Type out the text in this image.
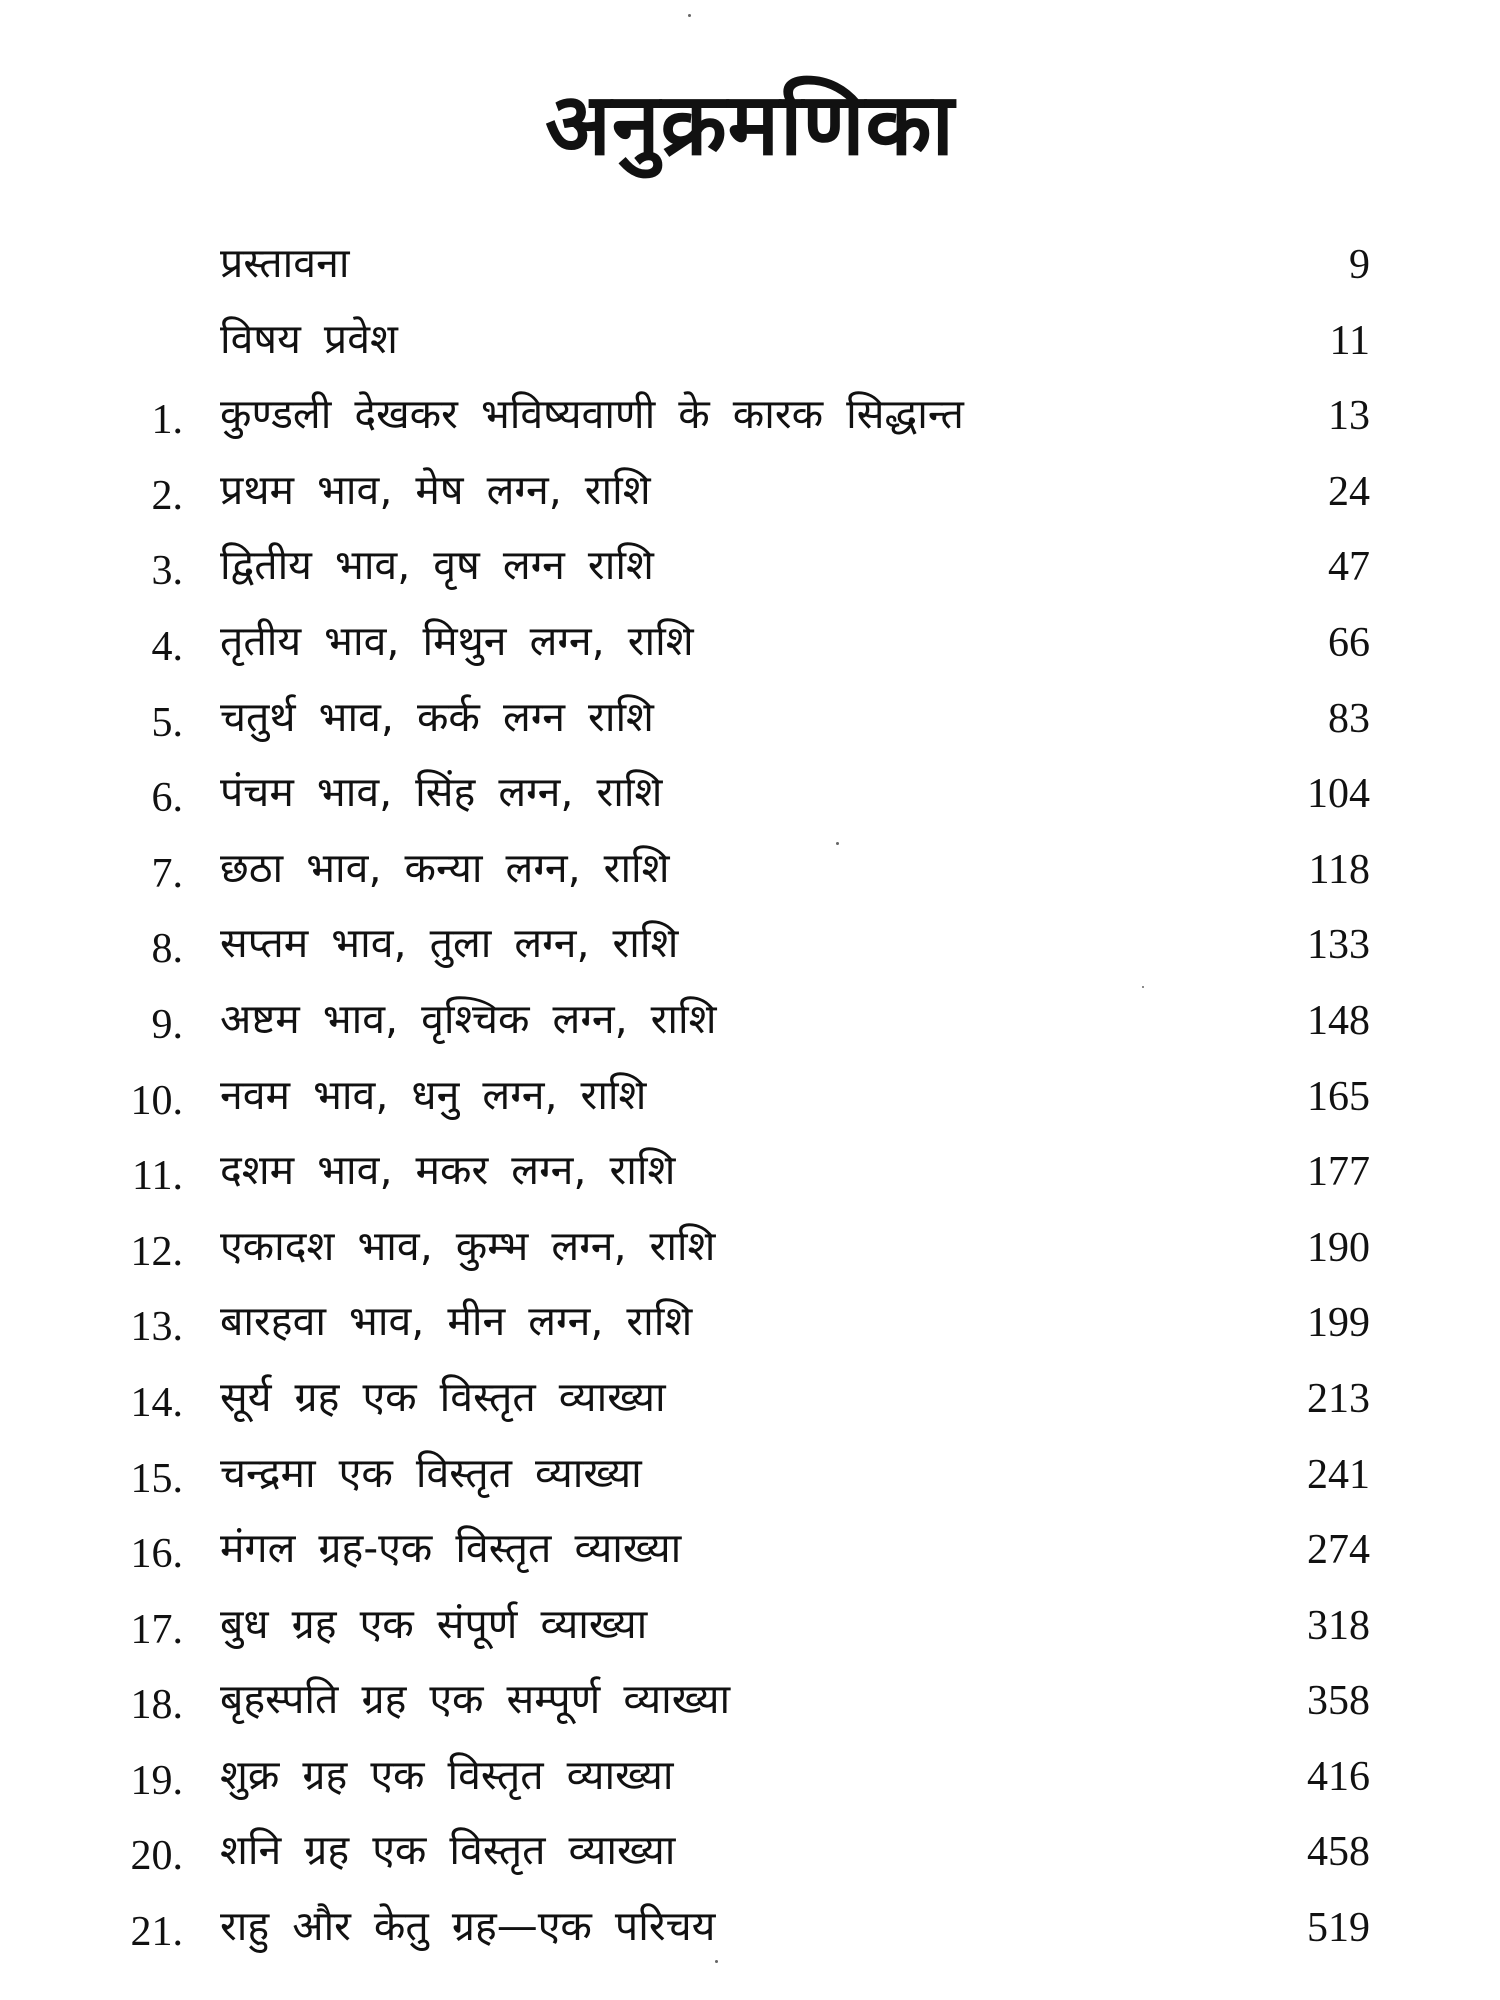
अनुक्रमणिका
प्रस्तावना	9
विषय प्रवेश	11
1. कुण्डली देखकर भविष्यवाणी के कारक सिद्धान्त	13
2. प्रथम भाव, मेष लग्न, राशि	24
3. द्वितीय भाव, वृष लग्न राशि	47
4. तृतीय भाव, मिथुन लग्न, राशि	66
5. चतुर्थ भाव, कर्क लग्न राशि	83
6. पंचम भाव, सिंह लग्न, राशि	104
7. छठा भाव, कन्या लग्न, राशि	118
8. सप्तम भाव, तुला लग्न, राशि	133
9. अष्टम भाव, वृश्चिक लग्न, राशि	148
10. नवम भाव, धनु लग्न, राशि	165
11. दशम भाव, मकर लग्न, राशि	177
12. एकादश भाव, कुम्भ लग्न, राशि	190
13. बारहवा भाव, मीन लग्न, राशि	199
14. सूर्य ग्रह एक विस्तृत व्याख्या	213
15. चन्द्रमा एक विस्तृत व्याख्या	241
16. मंगल ग्रह-एक विस्तृत व्याख्या	274
17. बुध ग्रह एक संपूर्ण व्याख्या	318
18. बृहस्पति ग्रह एक सम्पूर्ण व्याख्या	358
19. शुक्र ग्रह एक विस्तृत व्याख्या	416
20. शनि ग्रह एक विस्तृत व्याख्या	458
21. राहु और केतु ग्रह—एक परिचय	519
